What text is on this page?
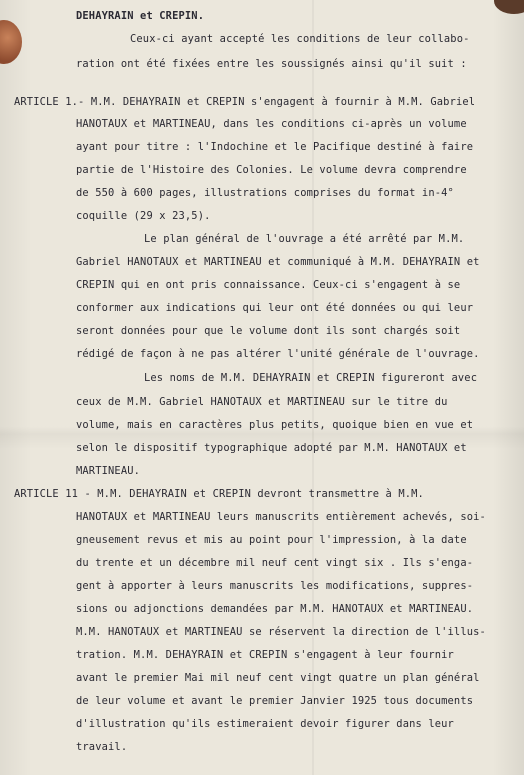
DEHAYRAIN et CREPIN.
Ceux-ci ayant accepté les conditions de leur collabo-
ration ont été fixées entre les soussignés ainsi qu'il suit :
ARTICLE 1.- M.M. DEHAYRAIN et CREPIN s'engagent à fournir à M.M. Gabriel
HANOTAUX et MARTINEAU, dans les conditions ci-après un volume
ayant pour titre : l'Indochine et le Pacifique destiné à faire
partie de l'Histoire des Colonies. Le volume devra comprendre
de 550 à 600 pages, illustrations comprises du format in-4°
coquille (29 x 23,5).
Le plan général de l'ouvrage a été arrêté par M.M.
Gabriel HANOTAUX et MARTINEAU et communiqué à M.M. DEHAYRAIN et
CREPIN qui en ont pris connaissance. Ceux-ci s'engagent à se
conformer aux indications qui leur ont été données ou qui leur
seront données pour que le volume dont ils sont chargés soit
rédigé de façon à ne pas altérer l'unité générale de l'ouvrage.
Les noms de M.M. DEHAYRAIN et CREPIN figureront avec
ceux de M.M. Gabriel HANOTAUX et MARTINEAU sur le titre du
volume, mais en caractères plus petits, quoique bien en vue et
selon le dispositif typographique adopté par M.M. HANOTAUX et
MARTINEAU.
ARTICLE 11 - M.M. DEHAYRAIN et CREPIN devront transmettre à M.M.
HANOTAUX et MARTINEAU leurs manuscrits entièrement achevés, soi-
gneusement revus et mis au point pour l'impression, à la date
du trente et un décembre mil neuf cent vingt six . Ils s'enga-
gent à apporter à leurs manuscrits les modifications, suppres-
sions ou adjonctions demandées par M.M. HANOTAUX et MARTINEAU.
M.M. HANOTAUX et MARTINEAU se réservent la direction de l'illus-
tration. M.M. DEHAYRAIN et CREPIN s'engagent à leur fournir
avant le premier Mai mil neuf cent vingt quatre un plan général
de leur volume et avant le premier Janvier 1925 tous documents
d'illustration qu'ils estimeraient devoir figurer dans leur
travail.
